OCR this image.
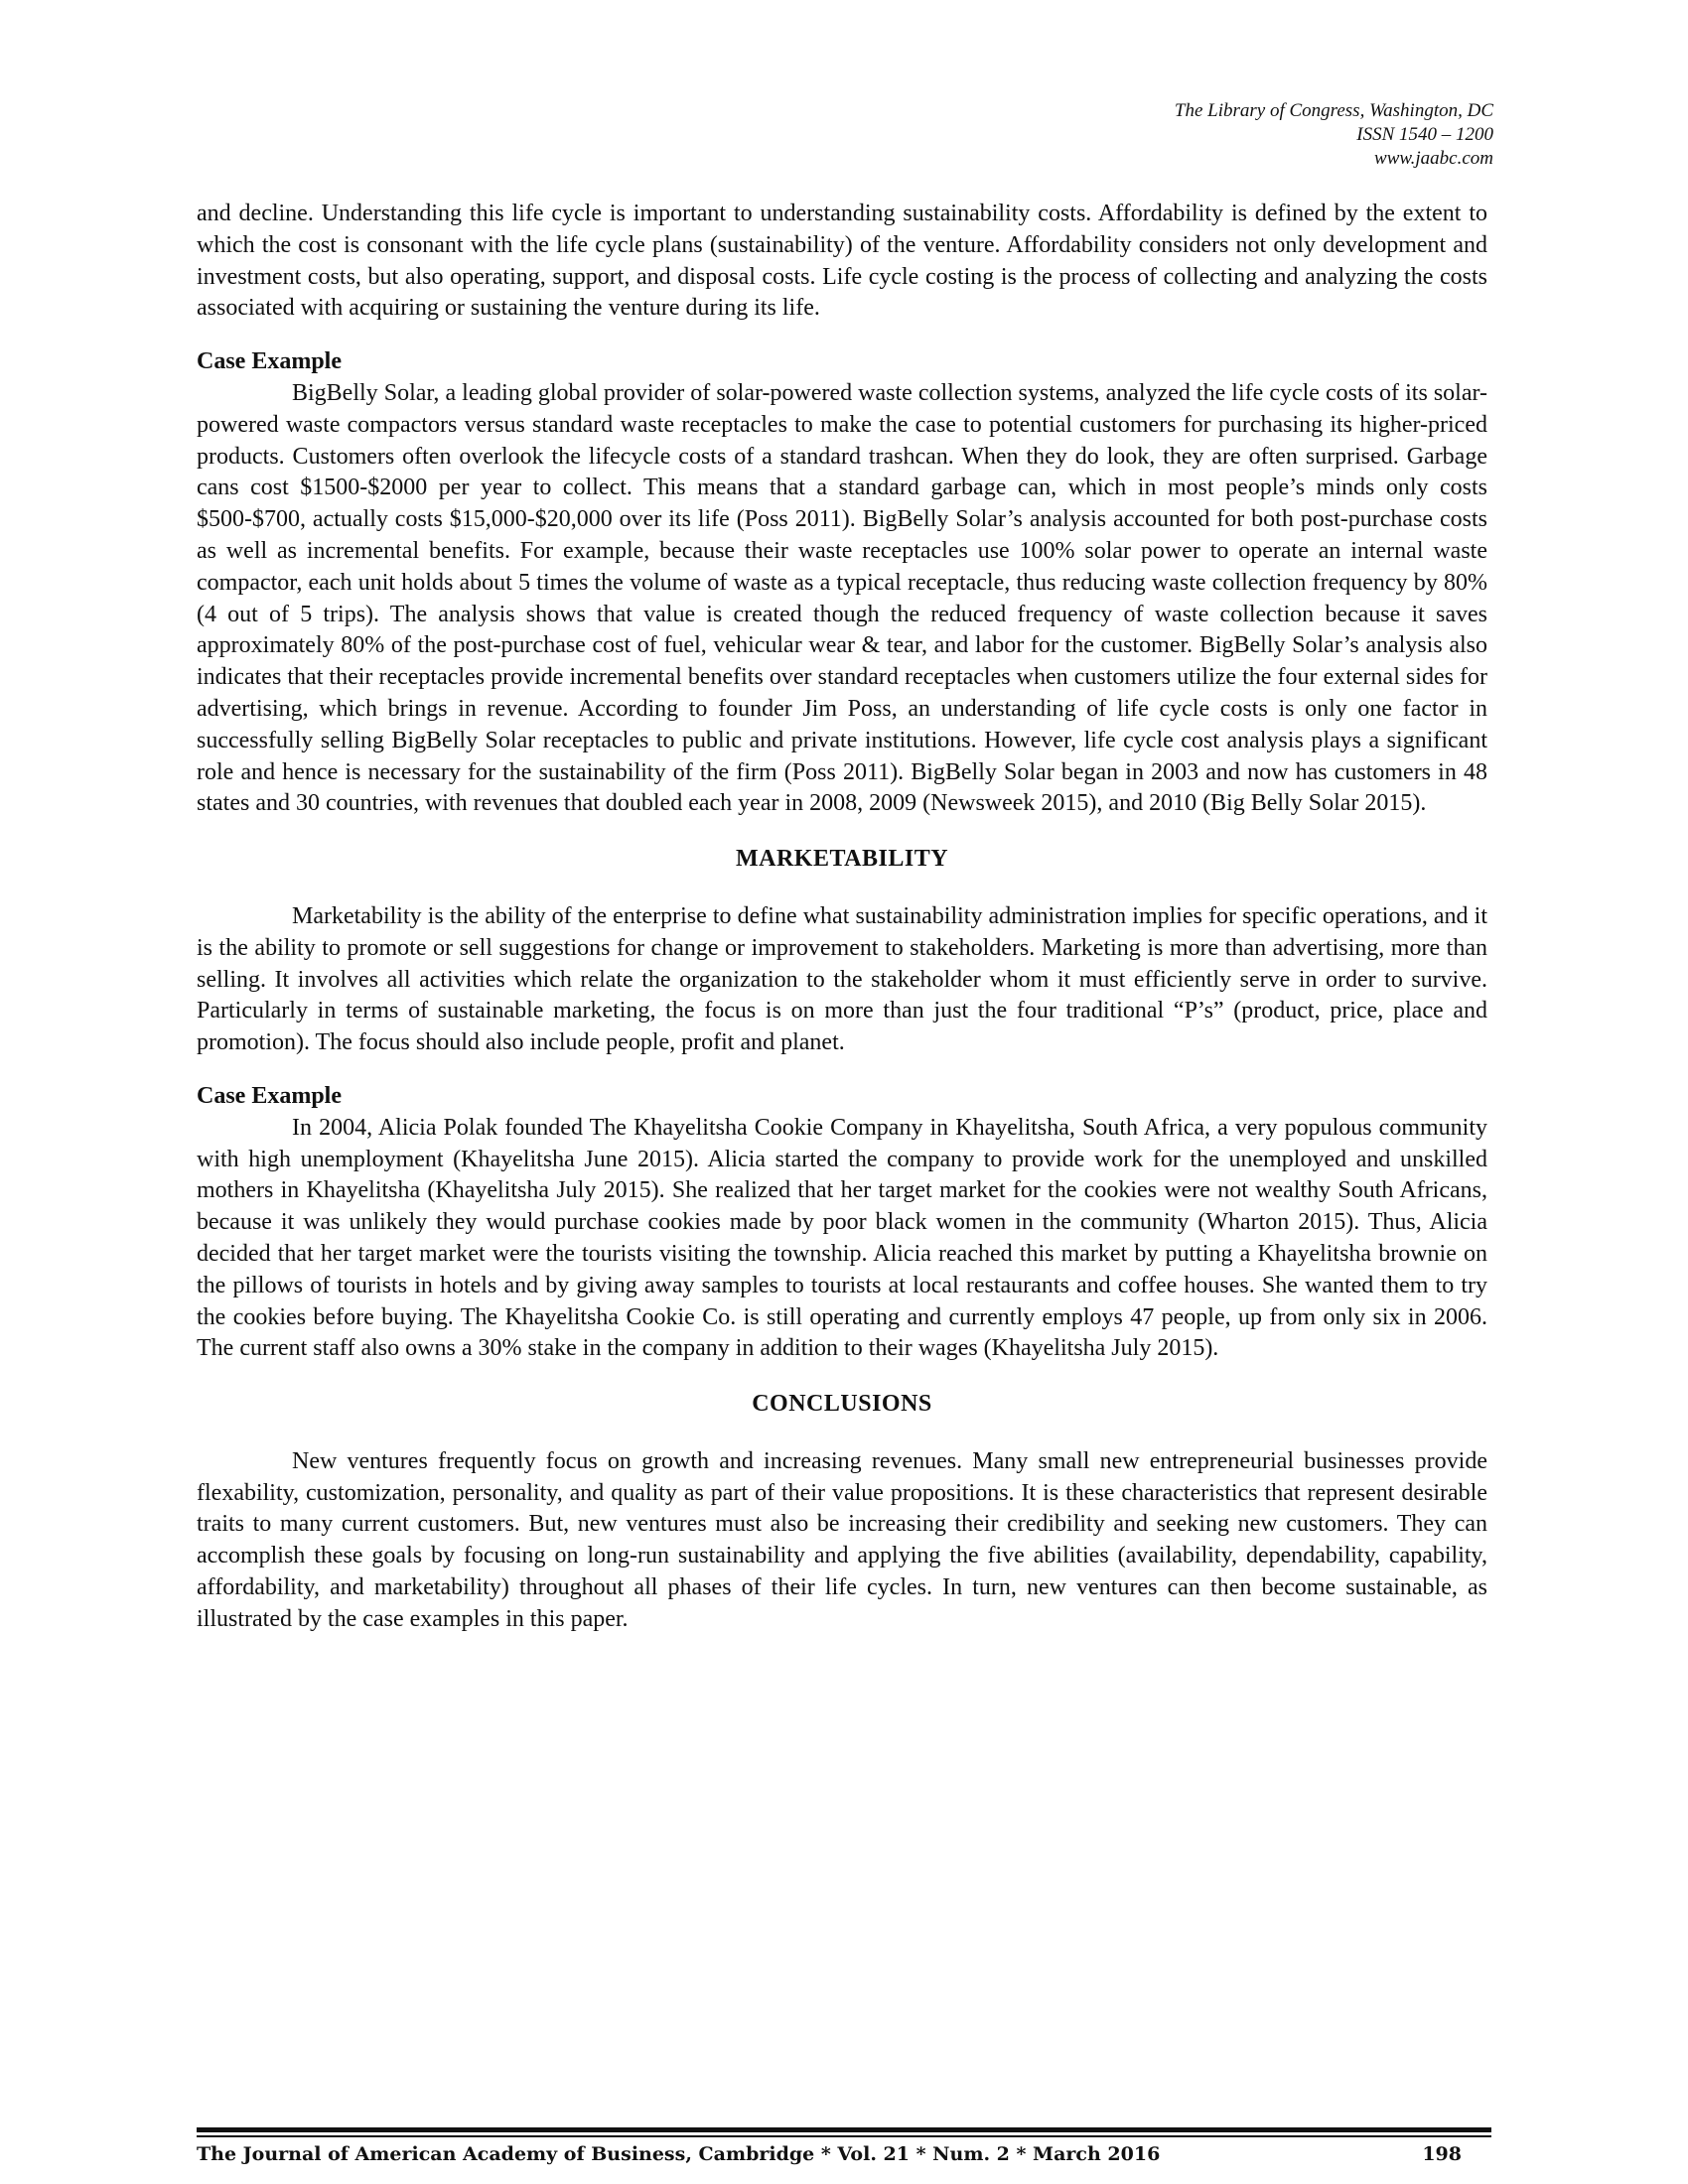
The Library of Congress, Washington, DC
ISSN 1540 – 1200
www.jaabc.com

and decline. Understanding this life cycle is important to understanding sustainability costs. Affordability is defined by the extent to which the cost is consonant with the life cycle plans (sustainability) of the venture. Affordability considers not only development and investment costs, but also operating, support, and disposal costs. Life cycle costing is the process of collecting and analyzing the costs associated with acquiring or sustaining the venture during its life.

Case Example

BigBelly Solar, a leading global provider of solar-powered waste collection systems, analyzed the life cycle costs of its solar-powered waste compactors versus standard waste receptacles to make the case to potential customers for purchasing its higher-priced products. Customers often overlook the lifecycle costs of a standard trashcan. When they do look, they are often surprised. Garbage cans cost $1500-$2000 per year to collect. This means that a standard garbage can, which in most people’s minds only costs $500-$700, actually costs $15,000-$20,000 over its life (Poss 2011). BigBelly Solar’s analysis accounted for both post-purchase costs as well as incremental benefits. For example, because their waste receptacles use 100% solar power to operate an internal waste compactor, each unit holds about 5 times the volume of waste as a typical receptacle, thus reducing waste collection frequency by 80% (4 out of 5 trips). The analysis shows that value is created though the reduced frequency of waste collection because it saves approximately 80% of the post-purchase cost of fuel, vehicular wear & tear, and labor for the customer. BigBelly Solar’s analysis also indicates that their receptacles provide incremental benefits over standard receptacles when customers utilize the four external sides for advertising, which brings in revenue. According to founder Jim Poss, an understanding of life cycle costs is only one factor in successfully selling BigBelly Solar receptacles to public and private institutions. However, life cycle cost analysis plays a significant role and hence is necessary for the sustainability of the firm (Poss 2011). BigBelly Solar began in 2003 and now has customers in 48 states and 30 countries, with revenues that doubled each year in 2008, 2009 (Newsweek 2015), and 2010 (Big Belly Solar 2015).

MARKETABILITY

Marketability is the ability of the enterprise to define what sustainability administration implies for specific operations, and it is the ability to promote or sell suggestions for change or improvement to stakeholders. Marketing is more than advertising, more than selling. It involves all activities which relate the organization to the stakeholder whom it must efficiently serve in order to survive. Particularly in terms of sustainable marketing, the focus is on more than just the four traditional “P’s” (product, price, place and promotion). The focus should also include people, profit and planet.

Case Example

In 2004, Alicia Polak founded The Khayelitsha Cookie Company in Khayelitsha, South Africa, a very populous community with high unemployment (Khayelitsha June 2015). Alicia started the company to provide work for the unemployed and unskilled mothers in Khayelitsha (Khayelitsha July 2015). She realized that her target market for the cookies were not wealthy South Africans, because it was unlikely they would purchase cookies made by poor black women in the community (Wharton 2015). Thus, Alicia decided that her target market were the tourists visiting the township. Alicia reached this market by putting a Khayelitsha brownie on the pillows of tourists in hotels and by giving away samples to tourists at local restaurants and coffee houses. She wanted them to try the cookies before buying. The Khayelitsha Cookie Co. is still operating and currently employs 47 people, up from only six in 2006. The current staff also owns a 30% stake in the company in addition to their wages (Khayelitsha July 2015).

CONCLUSIONS

New ventures frequently focus on growth and increasing revenues. Many small new entrepreneurial businesses provide flexability, customization, personality, and quality as part of their value propositions. It is these characteristics that represent desirable traits to many current customers. But, new ventures must also be increasing their credibility and seeking new customers. They can accomplish these goals by focusing on long-run sustainability and applying the five abilities (availability, dependability, capability, affordability, and marketability) throughout all phases of their life cycles. In turn, new ventures can then become sustainable, as illustrated by the case examples in this paper.

The Journal of American Academy of Business, Cambridge * Vol. 21 * Num. 2 * March 2016	198
